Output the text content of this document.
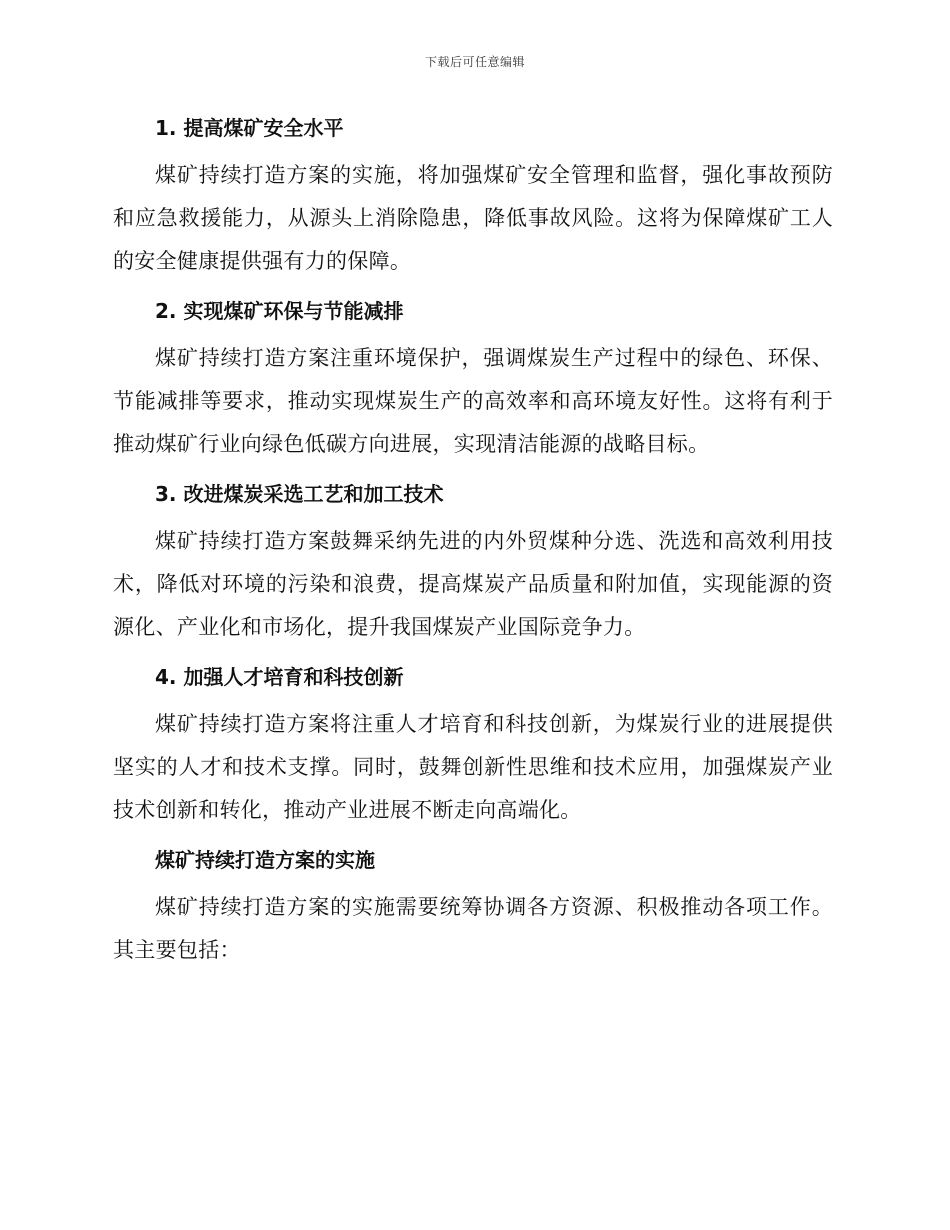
下载后可任意编辑
1. 提高煤矿安全水平

煤矿持续打造方案的实施，将加强煤矿安全管理和监督，强化事故预防和应急救援能力，从源头上消除隐患，降低事故风险。这将为保障煤矿工人的安全健康提供强有力的保障。

2. 实现煤矿环保与节能减排

煤矿持续打造方案注重环境保护，强调煤炭生产过程中的绿色、环保、节能减排等要求，推动实现煤炭生产的高效率和高环境友好性。这将有利于推动煤矿行业向绿色低碳方向进展，实现清洁能源的战略目标。

3. 改进煤炭采选工艺和加工技术

煤矿持续打造方案鼓舞采纳先进的内外贸煤种分选、洗选和高效利用技术，降低对环境的污染和浪费，提高煤炭产品质量和附加值，实现能源的资源化、产业化和市场化，提升我国煤炭产业国际竞争力。

4. 加强人才培育和科技创新

煤矿持续打造方案将注重人才培育和科技创新，为煤炭行业的进展提供坚实的人才和技术支撑。同时，鼓舞创新性思维和技术应用，加强煤炭产业技术创新和转化，推动产业进展不断走向高端化。

煤矿持续打造方案的实施

煤矿持续打造方案的实施需要统筹协调各方资源、积极推动各项工作。其主要包括：
